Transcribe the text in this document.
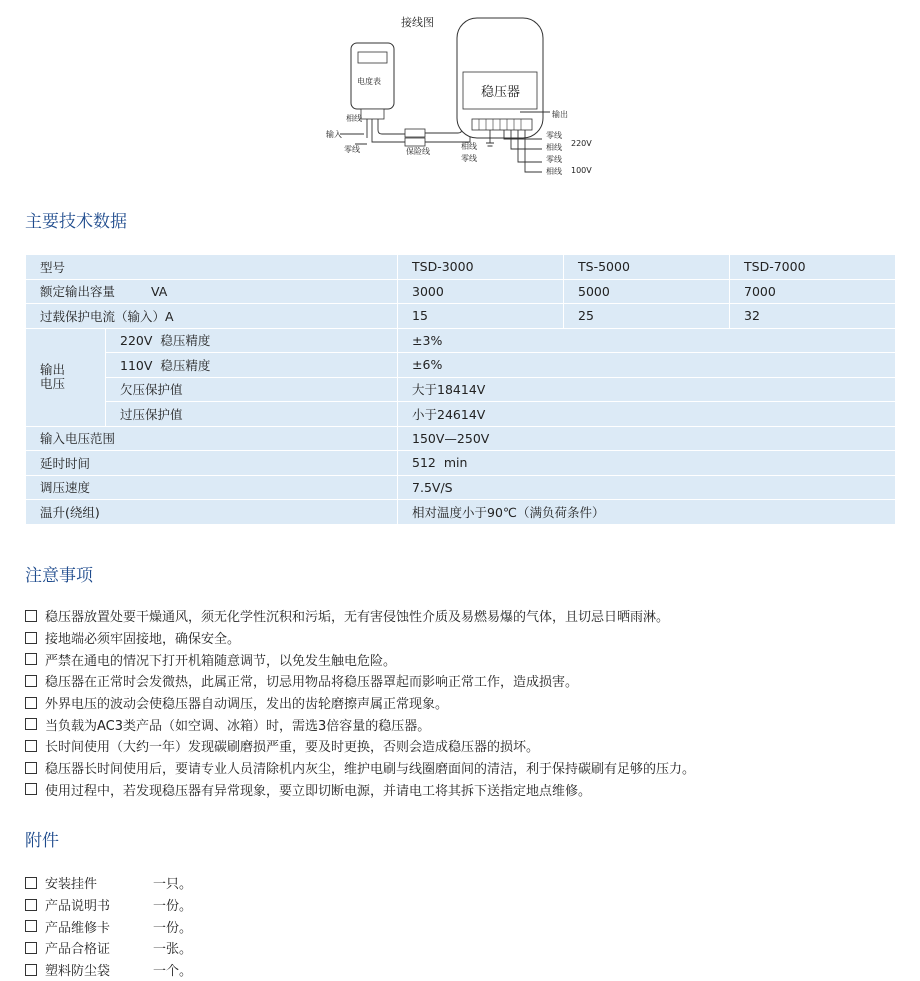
接线图
电度表
稳压器
相线
输入
零线	保险线
相线
零线
输出
零线
相线 220V
零线
相线 100V
主要技术数据
型号		TSD-3000	TS-5000	TSD-7000
额定输出容量 VA		3000	5000	7000
过载保护电流（输入）A		15	25	32
输出
电压	220V  稳压精度	±3%		
	110V  稳压精度	±6%		
	欠压保护值	大于18414V		
	过压保护值	小于24614V		
输入电压范围		150V—250V		
延时时间		512  min		
调压速度		7.5V/S		
温升(绕组)		相对温度小于90℃（满负荷条件）		
注意事项
稳压器放置处要干燥通风，须无化学性沉积和污垢，无有害侵蚀性介质及易燃易爆的气体，且切忌日晒雨淋。
接地端必须牢固接地，确保安全。
严禁在通电的情况下打开机箱随意调节，以免发生触电危险。
稳压器在正常时会发微热，此属正常，切忌用物品将稳压器罩起而影响正常工作，造成损害。
外界电压的波动会使稳压器自动调压，发出的齿轮磨擦声属正常现象。
当负载为AC3类产品（如空调、冰箱）时，需选3倍容量的稳压器。
长时间使用（大约一年）发现碳刷磨损严重，要及时更换，否则会造成稳压器的损坏。
稳压器长时间使用后，要请专业人员清除机内灰尘，维护电刷与线圈磨面间的清洁，利于保持碳刷有足够的压力。
使用过程中，若发现稳压器有异常现象，要立即切断电源，并请电工将其拆下送指定地点维修。
附件
安装挂件	一只。
产品说明书	一份。
产品维修卡	一份。
产品合格证	一张。
塑料防尘袋	一个。
